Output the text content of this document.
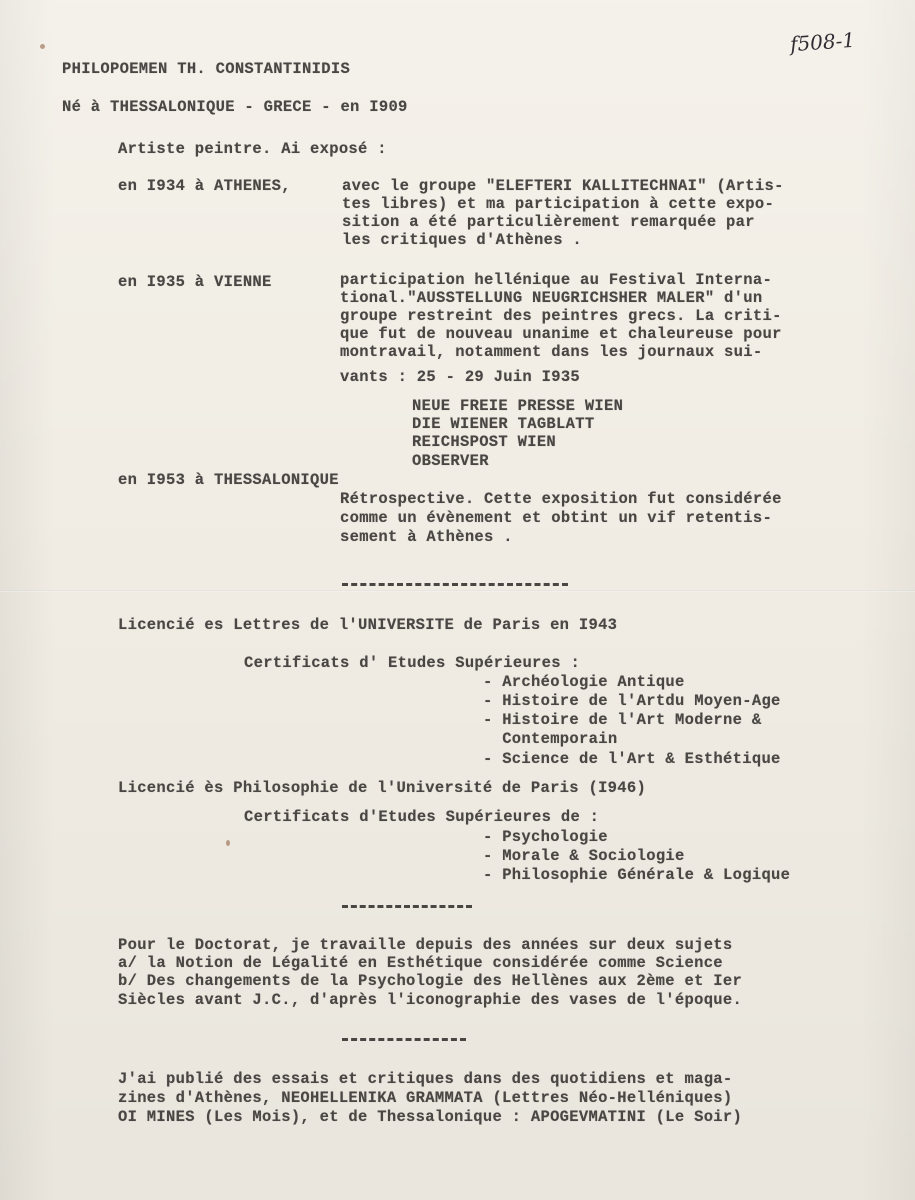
f508-1
PHILOPOEMEN TH. CONSTANTINIDIS
Né à THESSALONIQUE - GRECE - en I909
Artiste peintre. Ai exposé :
en I934 à ATHENES,	avec le groupe "ELEFTERI KALLITECHNAI" (Artis-
tes libres) et ma participation à cette expo-
sition a été particulièrement remarquée par
les critiques d'Athènes .
en I935 à VIENNE	participation hellénique au Festival Interna-
tional."AUSSTELLUNG NEUGRICHSHER MALER" d'un
groupe restreint des peintres grecs. La criti-
que fut de nouveau unanime et chaleureuse pour
montravail, notamment dans les journaux sui-
vants : 25 - 29 Juin I935
NEUE FREIE PRESSE WIEN
DIE WIENER TAGBLATT
REICHSPOST WIEN
OBSERVER
en I953 à THESSALONIQUE
Rétrospective. Cette exposition fut considérée
comme un évènement et obtint un vif retentis-
sement à Athènes .
Licencié es Lettres de l'UNIVERSITE de Paris en I943
Certificats d' Etudes Supérieures :
- Archéologie Antique
- Histoire de l'Artdu Moyen-Age
- Histoire de l'Art Moderne &
Contemporain
- Science de l'Art & Esthétique
Licencié ès Philosophie de l'Université de Paris (I946)
Certificats d'Etudes Supérieures de :
- Psychologie
- Morale & Sociologie
- Philosophie Générale & Logique
Pour le Doctorat, je travaille depuis des années sur deux sujets
a/ la Notion de Légalité en Esthétique considérée comme Science
b/ Des changements de la Psychologie des Hellènes aux 2ème et Ier
Siècles avant J.C., d'après l'iconographie des vases de l'époque.
J'ai publié des essais et critiques dans des quotidiens et maga-
zines d'Athènes, NEOHELLENIKA GRAMMATA (Lettres Néo-Helléniques)
OI MINES (Les Mois), et de Thessalonique : APOGEVMATINI (Le Soir)
